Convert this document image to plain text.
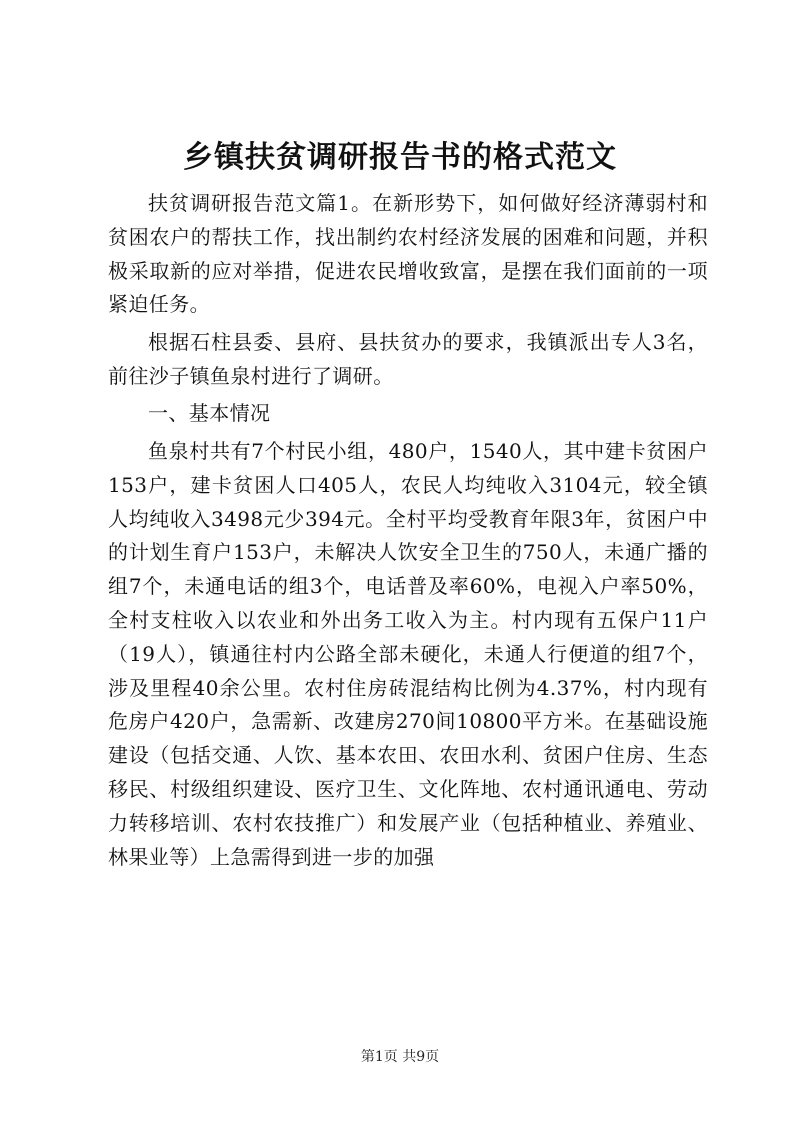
乡镇扶贫调研报告书的格式范文

扶贫调研报告范文篇1。在新形势下，如何做好经济薄弱村和贫困农户的帮扶工作，找出制约农村经济发展的困难和问题，并积极采取新的应对举措，促进农民增收致富，是摆在我们面前的一项紧迫任务。

根据石柱县委、县府、县扶贫办的要求，我镇派出专人3名，前往沙子镇鱼泉村进行了调研。

一、基本情况

鱼泉村共有7个村民小组，480户，1540人，其中建卡贫困户153户，建卡贫困人口405人，农民人均纯收入3104元，较全镇人均纯收入3498元少394元。全村平均受教育年限3年，贫困户中的计划生育户153户，未解决人饮安全卫生的750人，未通广播的组7个，未通电话的组3个，电话普及率60%，电视入户率50%，全村支柱收入以农业和外出务工收入为主。村内现有五保户11户（19人），镇通往村内公路全部未硬化，未通人行便道的组7个，涉及里程40余公里。农村住房砖混结构比例为4.37%，村内现有危房户420户，急需新、改建房270间10800平方米。在基础设施建设（包括交通、人饮、基本农田、农田水利、贫困户住房、生态移民、村级组织建设、医疗卫生、文化阵地、农村通讯通电、劳动力转移培训、农村农技推广）和发展产业（包括种植业、养殖业、林果业等）上急需得到进一步的加强

第1页 共9页
